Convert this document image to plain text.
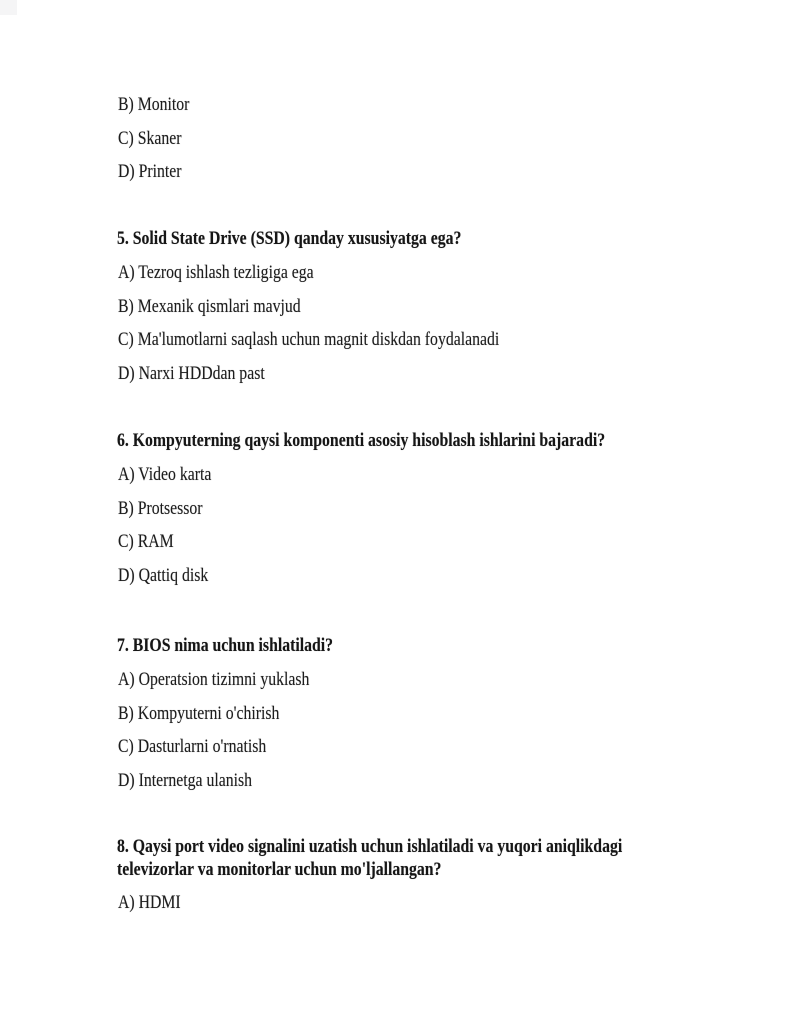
B) Monitor
C) Skaner
D) Printer
5. Solid State Drive (SSD) qanday xususiyatga ega?
A) Tezroq ishlash tezligiga ega
B) Mexanik qismlari mavjud
C) Ma'lumotlarni saqlash uchun magnit diskdan foydalanadi
D) Narxi HDDdan past
6. Kompyuterning qaysi komponenti asosiy hisoblash ishlarini bajaradi?
A) Video karta
B) Protsessor
C) RAM
D) Qattiq disk
7. BIOS nima uchun ishlatiladi?
A) Operatsion tizimni yuklash
B) Kompyuterni o'chirish
C) Dasturlarni o'rnatish
D) Internetga ulanish
8. Qaysi port video signalini uzatish uchun ishlatiladi va yuqori aniqlikdagi
televizorlar va monitorlar uchun mo'ljallangan?
A) HDMI
